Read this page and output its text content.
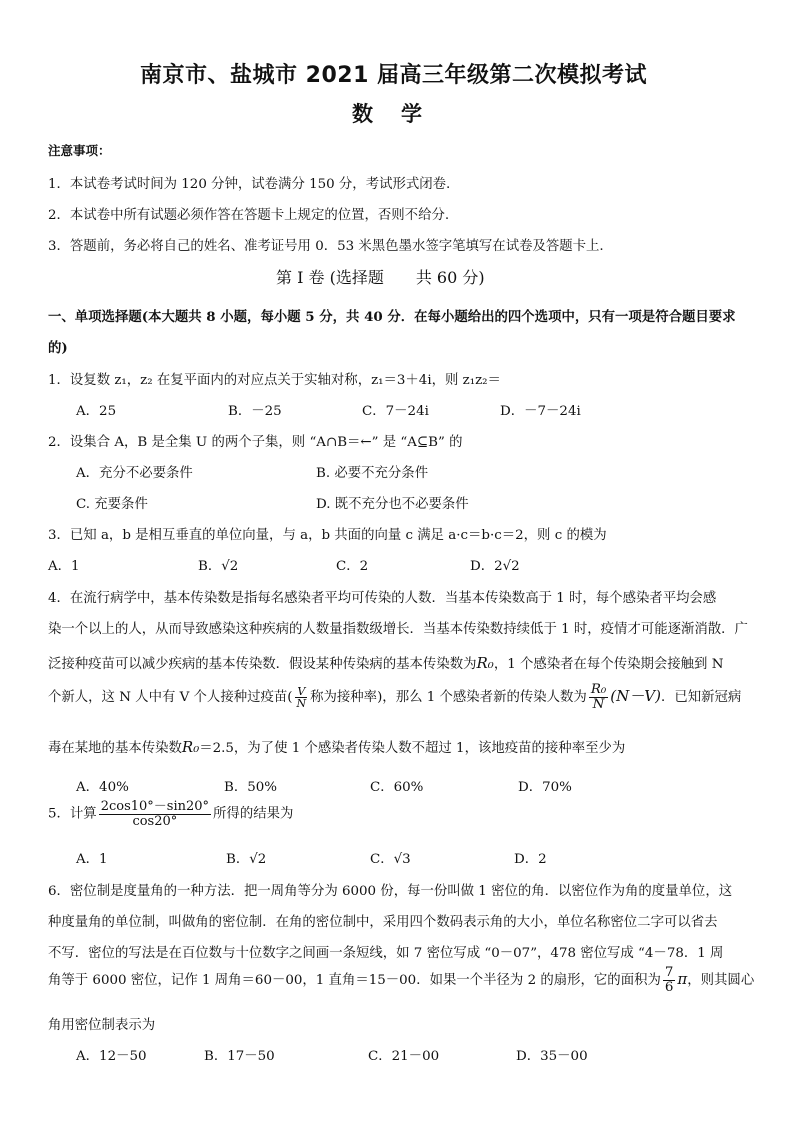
南京市、盐城市 2021 届高三年级第二次模拟考试
数学
注意事项：
1．本试卷考试时间为 120 分钟，试卷满分 150 分，考试形式闭卷.
2．本试卷中所有试题必须作答在答题卡上规定的位置，否则不给分.
3．答题前，务必将自己的姓名、准考证号用 0．53 米黑色墨水签字笔填写在试卷及答题卡上.
第 I 卷 (选择题　　共 60 分)
一、单项选择题(本大题共 8 小题，每小题 5 分，共 40 分．在每小题给出的四个选项中，只有一项是符合题目要求
的)
1．设复数 z₁，z₂ 在复平面内的对应点关于实轴对称，z₁＝3＋4i，则 z₁z₂＝
A．25	B．－25	C．7－24i	D．－7－24i
2．设集合 A，B 是全集 U 的两个子集，则 “A∩B＝←” 是 “A⊆B” 的
A．充分不必要条件	B. 必要不充分条件
C. 充要条件	D. 既不充分也不必要条件
3．已知 a，b 是相互垂直的单位向量，与 a，b 共面的向量 c 满足 a·c＝b·c＝2，则 c 的模为
A．1	B．√2	C．2	D．2√2
4．在流行病学中，基本传染数是指每名感染者平均可传染的人数．当基本传染数高于 1 时，每个感染者平均会感
染一个以上的人，从而导致感染这种疾病的人数量指数级增长．当基本传染数持续低于 1 时，疫情才可能逐渐消散．广
泛接种疫苗可以减少疾病的基本传染数．假设某种传染病的基本传染数为R₀，1 个感染者在每个传染期会接触到 N
个新人，这 N 人中有 V 个人接种过疫苗( $\frac{V}{N}$ 称为接种率)，那么 1 个感染者新的传染人数为 $\frac{\text{R₀}}{N} (N-V)$．已知新冠病
毒在某地的基本传染数R₀＝2.5，为了使 1 个感染者传染人数不超过 1，该地疫苗的接种率至少为
A．40%	B．50%	C．60%	D．70%
5．计算 $\frac{2\cos 10^\circ-\sin 20^\circ}{\cos 20^\circ}$ 所得的结果为
A．1	B．√2	C．√3	D．2
6．密位制是度量角的一种方法．把一周角等分为 6000 份，每一份叫做 1 密位的角．以密位作为角的度量单位，这
种度量角的单位制，叫做角的密位制．在角的密位制中，采用四个数码表示角的大小，单位名称密位二字可以省去
不写．密位的写法是在百位数与十位数字之间画一条短线，如 7 密位写成 “0－07”，478 密位写成 “4－78．1 周
角等于 6000 密位，记作 1 周角＝60－00，1 直角＝15－00．如果一个半径为 2 的扇形，它的面积为 $\frac{7}{6}$ π，则其圆心
角用密位制表示为
A．12－50	B．17－50	C．21－00	D．35－00
